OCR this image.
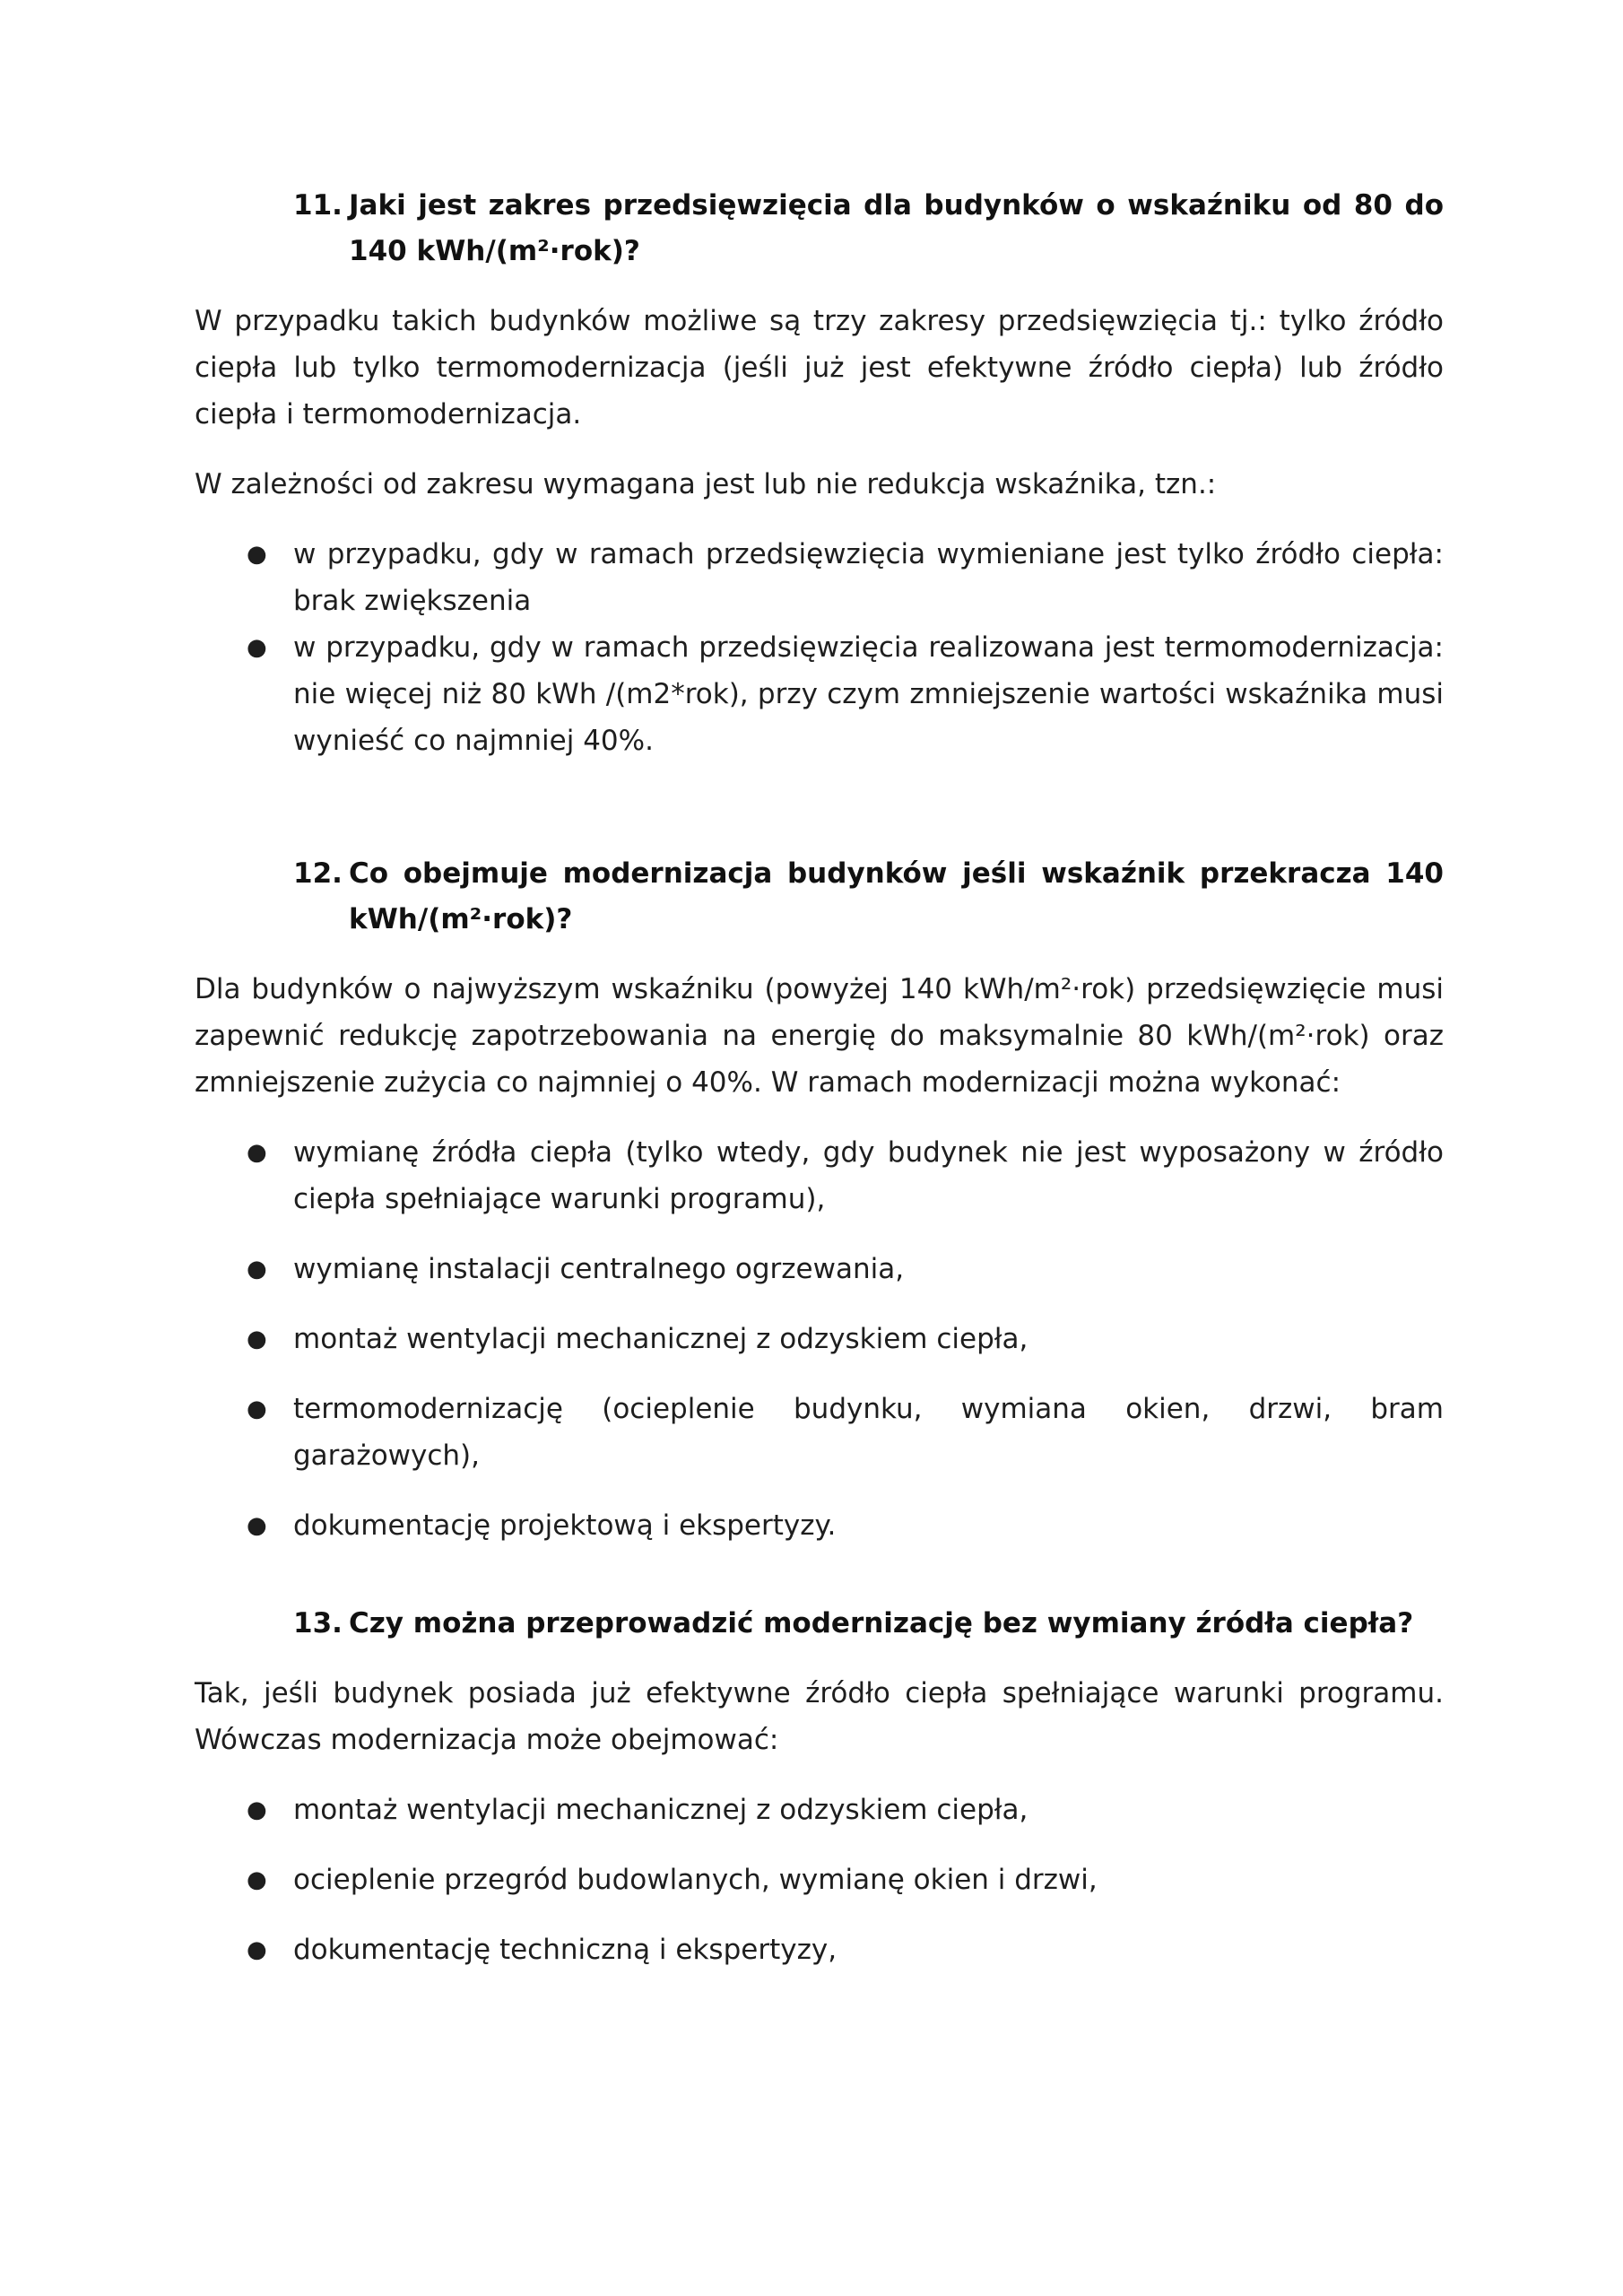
11. Jaki jest zakres przedsięwzięcia dla budynków o wskaźniku od 80 do 140 kWh/(m²·rok)?

W przypadku takich budynków możliwe są trzy zakresy przedsięwzięcia tj.: tylko źródło ciepła lub tylko termomodernizacja (jeśli już jest efektywne źródło ciepła) lub źródło ciepła i termomodernizacja.

W zależności od zakresu wymagana jest lub nie redukcja wskaźnika, tzn.:

● w przypadku, gdy w ramach przedsięwzięcia wymieniane jest tylko źródło ciepła: brak zwiększenia
● w przypadku, gdy w ramach przedsięwzięcia realizowana jest termomodernizacja: nie więcej niż 80 kWh /(m2*rok), przy czym zmniejszenie wartości wskaźnika musi wynieść co najmniej 40%.
12. Co obejmuje modernizacja budynków jeśli wskaźnik przekracza 140 kWh/(m²·rok)?

Dla budynków o najwyższym wskaźniku (powyżej 140 kWh/m²·rok) przedsięwzięcie musi zapewnić redukcję zapotrzebowania na energię do maksymalnie 80 kWh/(m²·rok) oraz zmniejszenie zużycia co najmniej o 40%. W ramach modernizacji można wykonać:

● wymianę źródła ciepła (tylko wtedy, gdy budynek nie jest wyposażony w źródło ciepła spełniające warunki programu),
● wymianę instalacji centralnego ogrzewania,
● montaż wentylacji mechanicznej z odzyskiem ciepła,
● termomodernizację (ocieplenie budynku, wymiana okien, drzwi, bram garażowych),
● dokumentację projektową i ekspertyzy.
13. Czy można przeprowadzić modernizację bez wymiany źródła ciepła?

Tak, jeśli budynek posiada już efektywne źródło ciepła spełniające warunki programu. Wówczas modernizacja może obejmować:

● montaż wentylacji mechanicznej z odzyskiem ciepła,
● ocieplenie przegród budowlanych, wymianę okien i drzwi,
● dokumentację techniczną i ekspertyzy,
